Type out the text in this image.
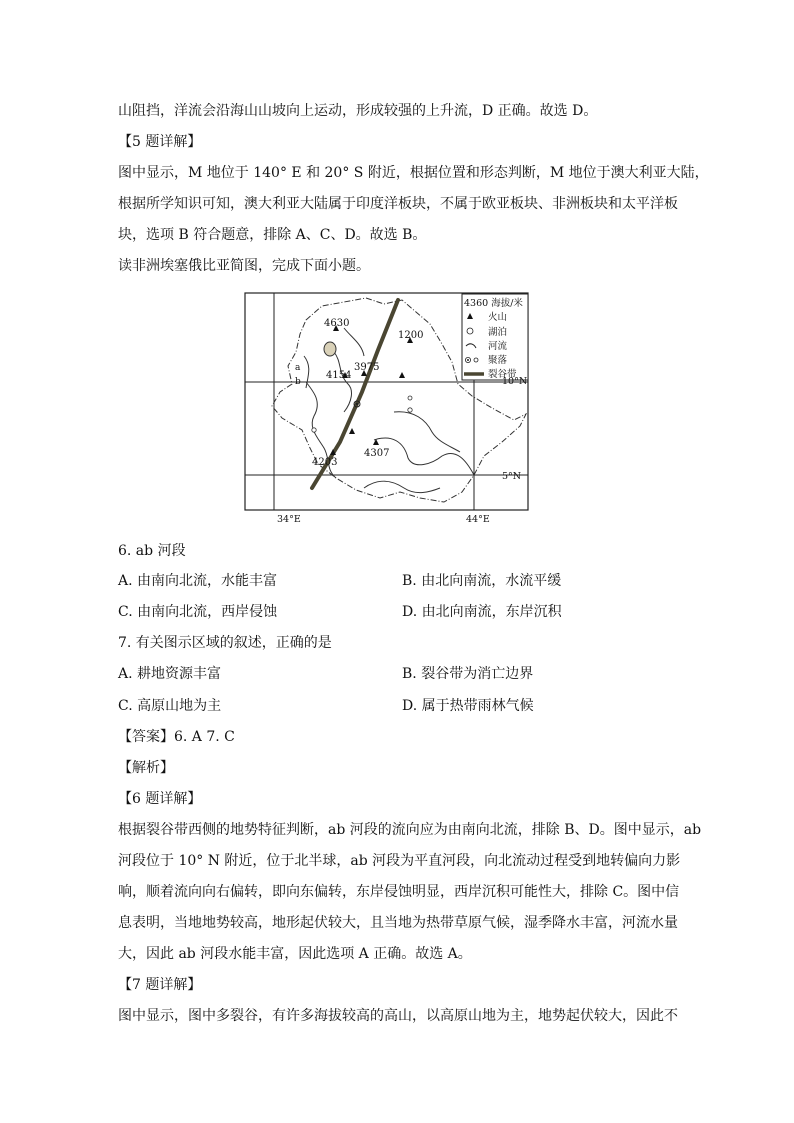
山阻挡，洋流会沿海山山坡向上运动，形成较强的上升流，D 正确。故选 D。
【5 题详解】
图中显示，M 地位于 140° E 和 20° S 附近，根据位置和形态判断，M 地位于澳大利亚大陆，
根据所学知识可知，澳大利亚大陆属于印度洋板块，不属于欧亚板块、非洲板块和太平洋板
块，选项 B 符合题意，排除 A、C、D。故选 B。
读非洲埃塞俄比亚简图，完成下面小题。
4630
1200
3975
4154
4203
4307
a
b
4360 海拔/米
火山
湖泊
河流
聚落
裂谷带
10°N
5°N
34°E	44°E
6. ab 河段
A. 由南向北流，水能丰富	B. 由北向南流，水流平缓
C. 由南向北流，西岸侵蚀	D. 由北向南流，东岸沉积
7. 有关图示区域的叙述，正确的是
A. 耕地资源丰富	B. 裂谷带为消亡边界
C. 高原山地为主	D. 属于热带雨林气候
【答案】6. A 7. C
【解析】
【6 题详解】
根据裂谷带西侧的地势特征判断，ab 河段的流向应为由南向北流，排除 B、D。图中显示，ab
河段位于 10° N 附近，位于北半球，ab 河段为平直河段，向北流动过程受到地转偏向力影
响，顺着流向向右偏转，即向东偏转，东岸侵蚀明显，西岸沉积可能性大，排除 C。图中信
息表明，当地地势较高，地形起伏较大，且当地为热带草原气候，湿季降水丰富，河流水量
大，因此 ab 河段水能丰富，因此选项 A 正确。故选 A。
【7 题详解】
图中显示，图中多裂谷，有许多海拔较高的高山，以高原山地为主，地势起伏较大，因此不
